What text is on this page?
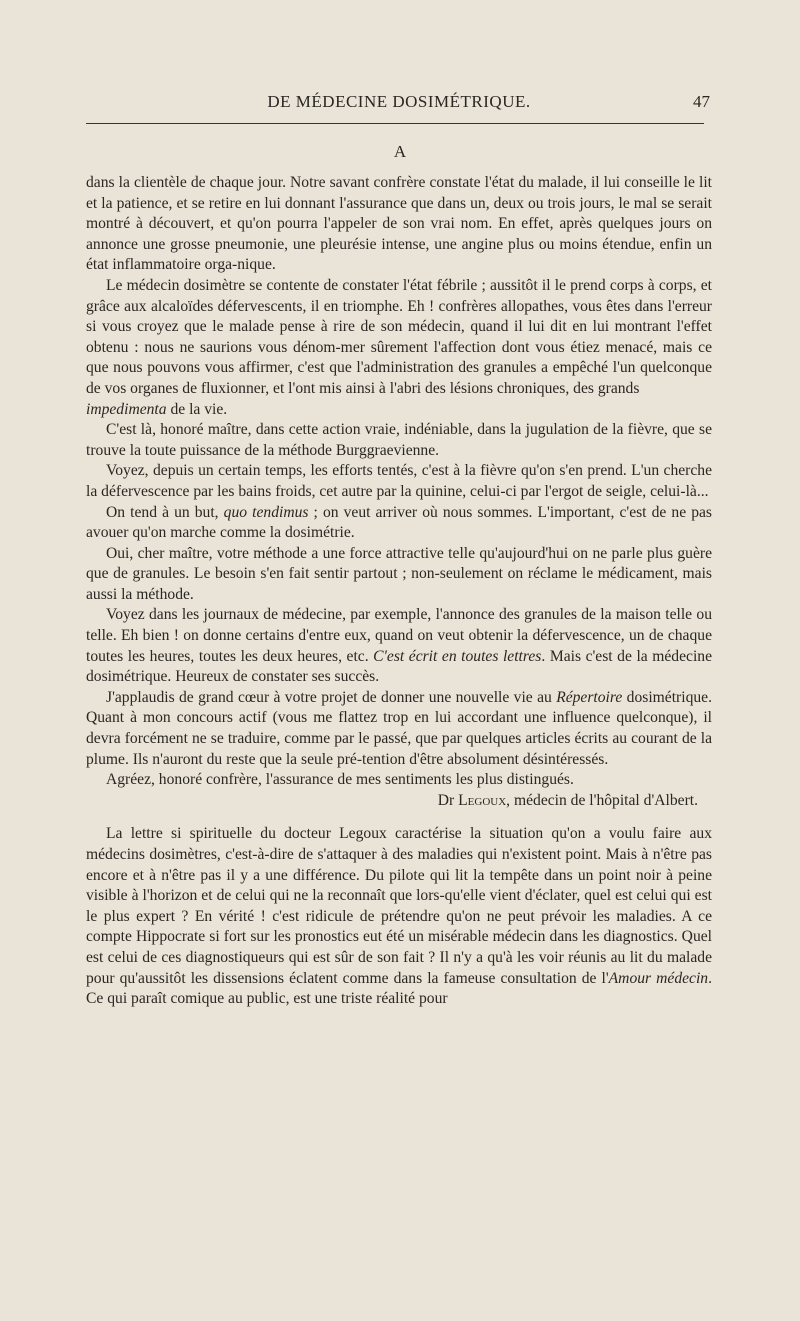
DE MÉDECINE DOSIMÉTRIQUE.	47
A

dans la clientèle de chaque jour. Notre savant confrère constate l'état du malade, il lui conseille le lit et la patience, et se retire en lui donnant l'assurance que dans un, deux ou trois jours, le mal se serait montré à découvert, et qu'on pourra l'appeler de son vrai nom. En effet, après quelques jours on annonce une grosse pneumonie, une pleurésie intense, une angine plus ou moins étendue, enfin un état inflammatoire orga-nique.

Le médecin dosimètre se contente de constater l'état fébrile ; aussitôt il le prend corps à corps, et grâce aux alcaloïdes défervescents, il en triomphe. Eh ! confrères allopathes, vous êtes dans l'erreur si vous croyez que le malade pense à rire de son médecin, quand il lui dit en lui montrant l'effet obtenu : nous ne saurions vous dénom-mer sûrement l'affection dont vous étiez menacé, mais ce que nous pouvons vous affirmer, c'est que l'administration des granules a empêché l'un quelconque de vos organes de fluxionner, et l'ont mis ainsi à l'abri des lésions chroniques, des grands

impedimenta de la vie.

C'est là, honoré maître, dans cette action vraie, indéniable, dans la jugulation de la fièvre, que se trouve la toute puissance de la méthode Burggraevienne.

Voyez, depuis un certain temps, les efforts tentés, c'est à la fièvre qu'on s'en prend. L'un cherche la défervescence par les bains froids, cet autre par la quinine, celui-ci par l'ergot de seigle, celui-là...

On tend à un but, quo tendimus ; on veut arriver où nous sommes. L'important, c'est de ne pas avouer qu'on marche comme la dosimétrie.

Oui, cher maître, votre méthode a une force attractive telle qu'aujourd'hui on ne parle plus guère que de granules. Le besoin s'en fait sentir partout ; non-seulement on réclame le médicament, mais aussi la méthode.

Voyez dans les journaux de médecine, par exemple, l'annonce des granules de la maison telle ou telle. Eh bien ! on donne certains d'entre eux, quand on veut obtenir la défervescence, un de chaque toutes les heures, toutes les deux heures, etc. C'est écrit en toutes lettres. Mais c'est de la médecine dosimétrique. Heureux de constater ses succès.

J'applaudis de grand cœur à votre projet de donner une nouvelle vie au Répertoire dosimétrique. Quant à mon concours actif (vous me flattez trop en lui accordant une influence quelconque), il devra forcément ne se traduire, comme par le passé, que par quelques articles écrits au courant de la plume. Ils n'auront du reste que la seule pré-tention d'être absolument désintéressés.

Agréez, honoré confrère, l'assurance de mes sentiments les plus distingués.

Dr Legoux, médecin de l'hôpital d'Albert.

La lettre si spirituelle du docteur Legoux caractérise la situation qu'on a voulu faire aux médecins dosimètres, c'est-à-dire de s'attaquer à des maladies qui n'existent point. Mais à n'être pas encore et à n'être pas il y a une différence. Du pilote qui lit la tempête dans un point noir à peine visible à l'horizon et de celui qui ne la reconnaît que lors-qu'elle vient d'éclater, quel est celui qui est le plus expert ? En vérité ! c'est ridicule de prétendre qu'on ne peut prévoir les maladies. A ce compte Hippocrate si fort sur les pronostics eut été un misérable médecin dans les diagnostics. Quel est celui de ces diagnostiqueurs qui est sûr de son fait ? Il n'y a qu'à les voir réunis au lit du malade pour qu'aussitôt les dissensions éclatent comme dans la fameuse consultation de l'Amour médecin. Ce qui paraît comique au public, est une triste réalité pour
